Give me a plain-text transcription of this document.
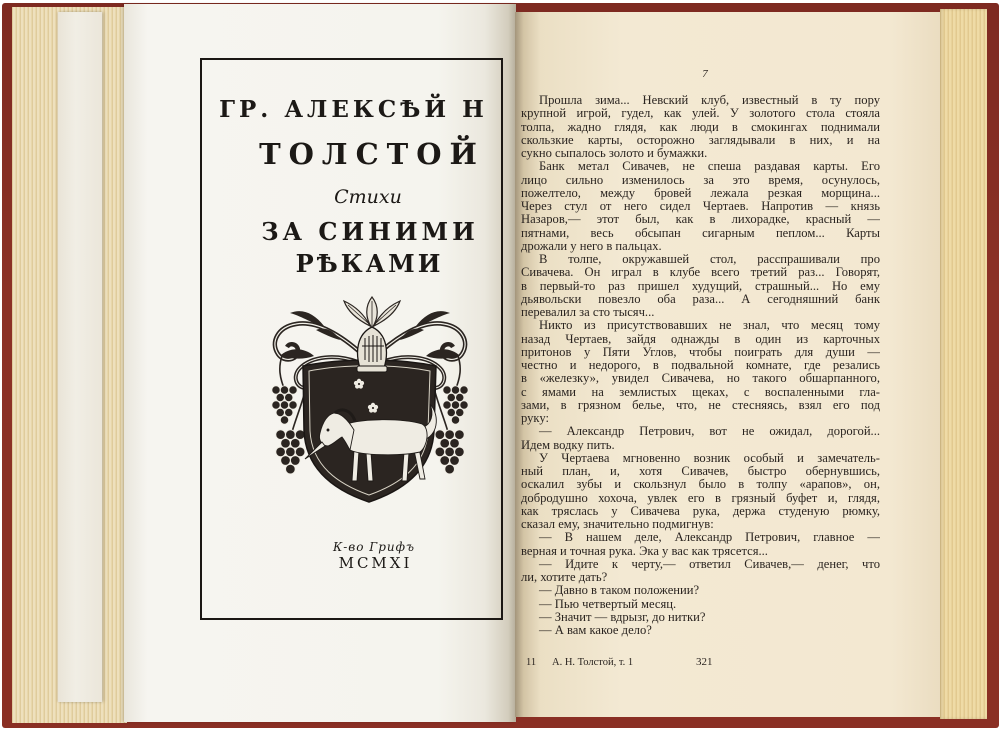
ГР. АЛЕКСѢЙ Н
ТОЛСТОЙ
Стихи
ЗА СИНИМИ
РѢКАМИ
К-во Грифъ
MCMXI
7
Прошла зима... Невский клуб, известный в ту пору
крупной игрой, гудел, как улей. У золотого стола стояла
толпа, жадно глядя, как люди в смокингах поднимали
скользкие карты, осторожно заглядывали в них, и на
сукно сыпалось золото и бумажки.
Банк метал Сивачев, не спеша раздавая карты. Его
лицо сильно изменилось за это время, осунулось,
пожелтело, между бровей лежала резкая морщина...
Через стул от него сидел Чертаев. Напротив — князь
Назаров,— этот был, как в лихорадке, красный —
пятнами, весь обсыпан сигарным пеплом... Карты
дрожали у него в пальцах.
В толпе, окружавшей стол, расспрашивали про
Сивачева. Он играл в клубе всего третий раз... Говорят,
в первый-то раз пришел худущий, страшный... Но ему
дьявольски повезло оба раза... А сегодняшний банк
перевалил за сто тысяч...
Никто из присутствовавших не знал, что месяц тому
назад Чертаев, зайдя однажды в один из карточных
притонов у Пяти Углов, чтобы поиграть для души —
честно и недорого, в подвальной комнате, где резались
в «железку», увидел Сивачева, но такого обшарпанного,
с ямами на землистых щеках, с воспаленными гла-
зами, в грязном белье, что, не стесняясь, взял его под
руку:
— Александр Петрович, вот не ожидал, дорогой...
Идем водку пить.
У Чертаева мгновенно возник особый и замечатель-
ный план, и, хотя Сивачев, быстро обернувшись,
оскалил зубы и скользнул было в толпу «арапов», он,
добродушно хохоча, увлек его в грязный буфет и, глядя,
как тряслась у Сивачева рука, держа студеную рюмку,
сказал ему, значительно подмигнув:
— В нашем деле, Александр Петрович, главное —
верная и точная рука. Эка у вас как трясется...
— Идите к черту,— ответил Сивачев,— денег, что
ли, хотите дать?
— Давно в таком положении?
— Пью четвертый месяц.
— Значит — вдрызг, до нитки?
— А вам какое дело?
11 А. Н. Толстой, т. 1	321
